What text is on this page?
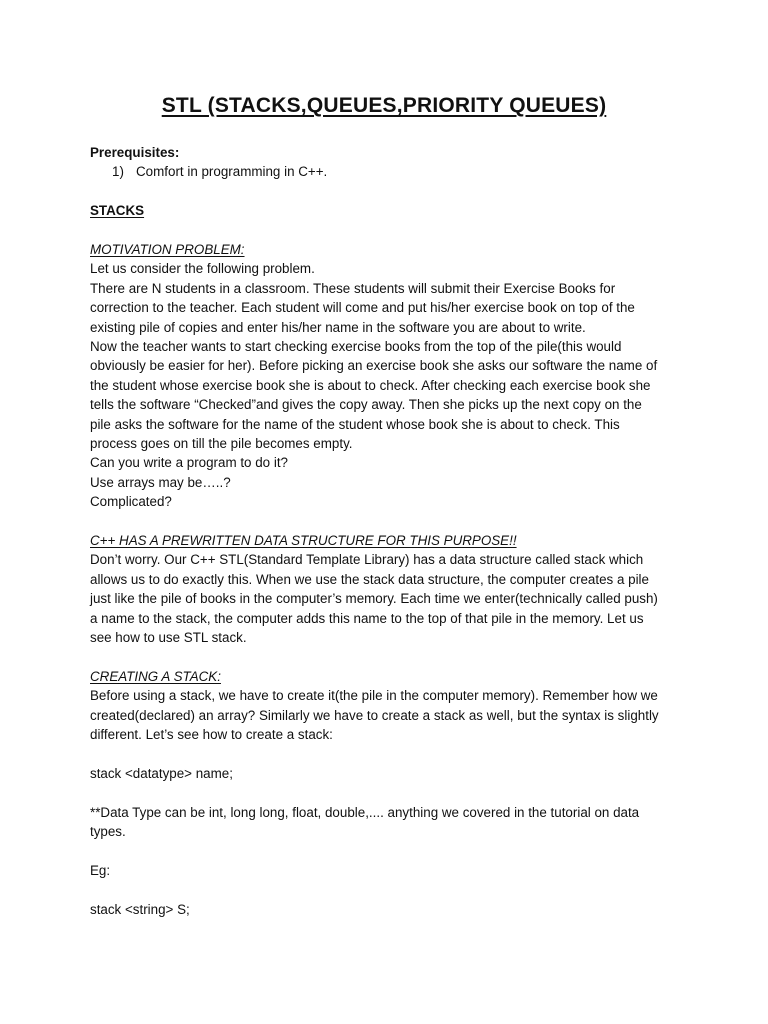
STL (STACKS,QUEUES,PRIORITY QUEUES)

Prerequisites:

1) Comfort in programming in C++.

STACKS

MOTIVATION PROBLEM:

Let us consider the following problem.

There are N students in a classroom. These students will submit their Exercise Books for

correction to the teacher. Each student will come and put his/her exercise book on top of the

existing pile of copies and enter his/her name in the software you are about to write.

Now the teacher wants to start checking exercise books from the top of the pile(this would

obviously be easier for her). Before picking an exercise book she asks our software the name of

the student whose exercise book she is about to check. After checking each exercise book she

tells the software “Checked”and gives the copy away. Then she picks up the next copy on the

pile asks the software for the name of the student whose book she is about to check. This

process goes on till the pile becomes empty.

Can you write a program to do it?

Use arrays may be…..?

Complicated?

C++ HAS A PREWRITTEN DATA STRUCTURE FOR THIS PURPOSE!!

Don’t worry. Our C++ STL(Standard Template Library) has a data structure called stack which

allows us to do exactly this. When we use the stack data structure, the computer creates a pile

just like the pile of books in the computer’s memory. Each time we enter(technically called push)

a name to the stack, the computer adds this name to the top of that pile in the memory. Let us

see how to use STL stack.

CREATING A STACK:

Before using a stack, we have to create it(the pile in the computer memory). Remember how we

created(declared) an array? Similarly we have to create a stack as well, but the syntax is slightly

different. Let’s see how to create a stack:

stack <datatype> name;

**Data Type can be int, long long, float, double,.... anything we covered in the tutorial on data

types.

Eg:

stack <string> S;
